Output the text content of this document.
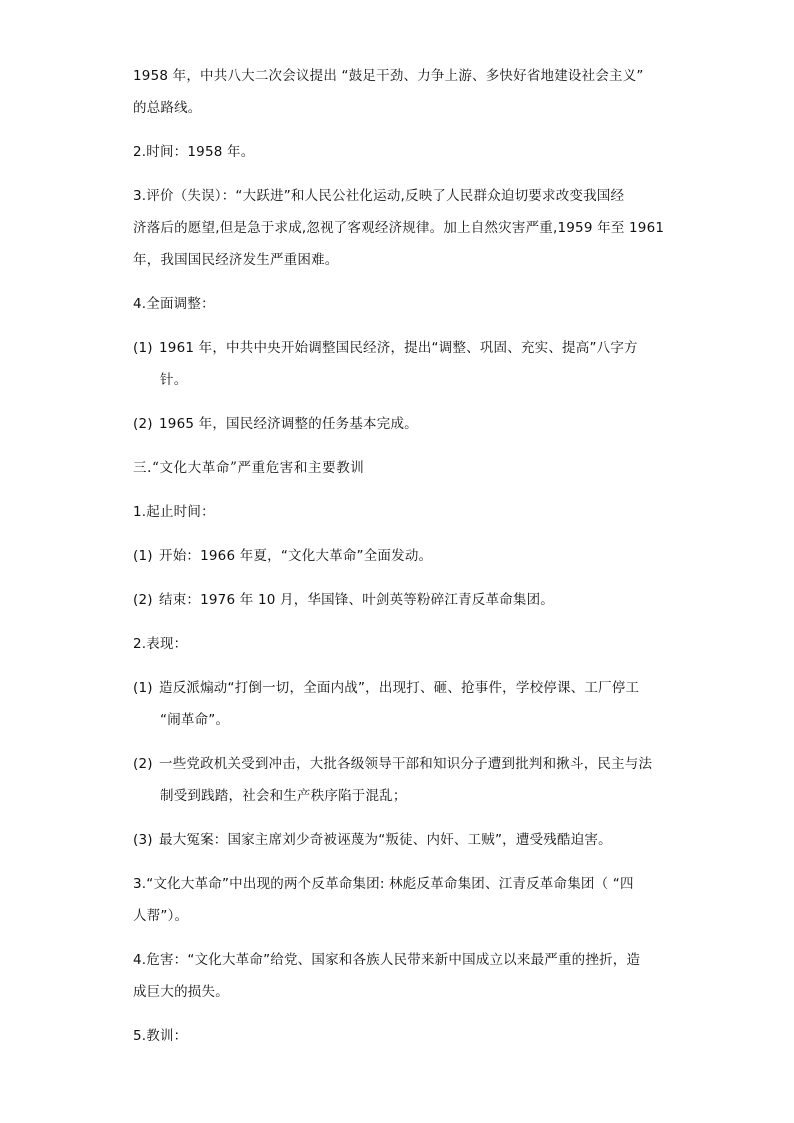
1958 年，中共八大二次会议提出 “鼓足干劲、力争上游、多快好省地建设社会主义”
的总路线。
2.时间：1958 年。
3.评价（失误）：“大跃进”和人民公社化运动,反映了人民群众迫切要求改变我国经
济落后的愿望,但是急于求成,忽视了客观经济规律。加上自然灾害严重,1959 年至 1961
年，我国国民经济发生严重困难。
4.全面调整：
(1) 1961 年，中共中央开始调整国民经济，提出“调整、巩固、充实、提高”八字方
针。
(2) 1965 年，国民经济调整的任务基本完成。
三.“文化大革命”严重危害和主要教训
1.起止时间：
(1) 开始：1966 年夏，“文化大革命”全面发动。
(2) 结束：1976 年 10 月，华国锋、叶剑英等粉碎江青反革命集团。
2.表现：
(1) 造反派煽动“打倒一切，全面内战”，出现打、砸、抢事件，学校停课、工厂停工
“闹革命”。
(2) 一些党政机关受到冲击，大批各级领导干部和知识分子遭到批判和揪斗，民主与法
制受到践踏，社会和生产秩序陷于混乱；
(3) 最大冤案：国家主席刘少奇被诬蔑为“叛徒、内奸、工贼”，遭受残酷迫害。
3.“文化大革命”中出现的两个反革命集团: 林彪反革命集团、江青反革命集团（ “四
人帮”）。
4.危害：“文化大革命”给党、国家和各族人民带来新中国成立以来最严重的挫折，造
成巨大的损失。
5.教训：
